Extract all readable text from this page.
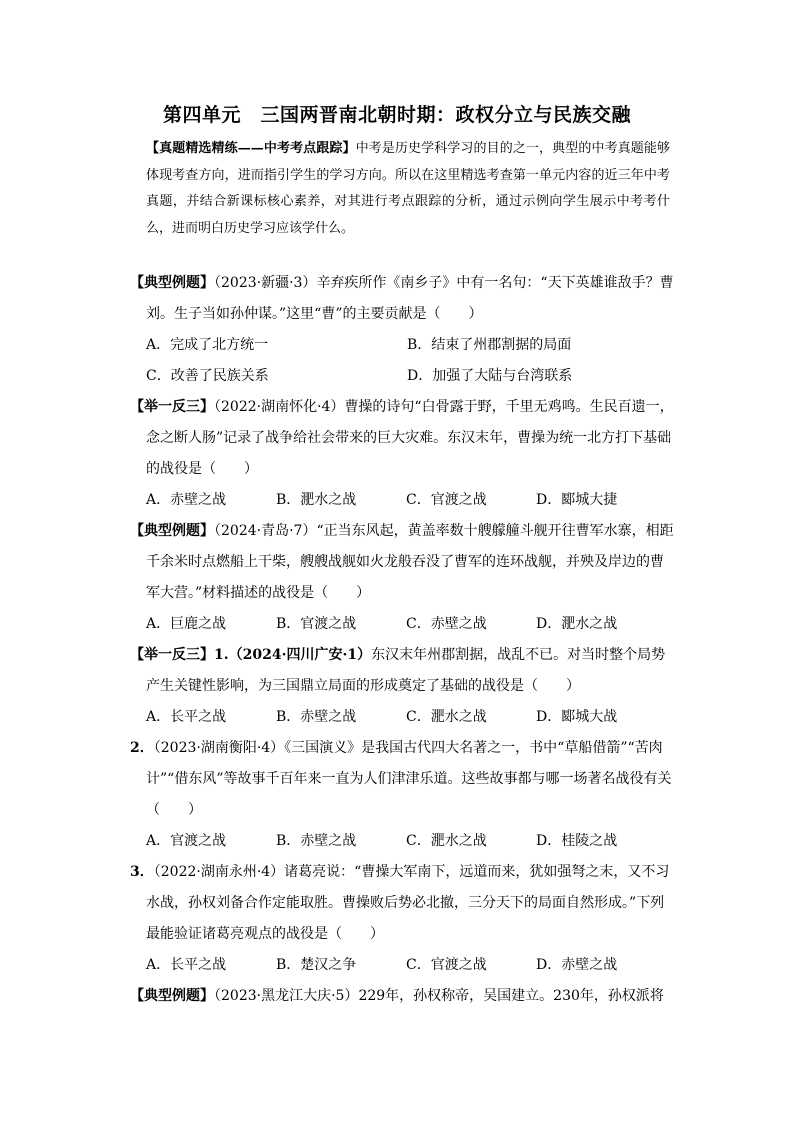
第四单元　三国两晋南北朝时期：政权分立与民族交融
【真题精选精练——中考考点跟踪】中考是历史学科学习的目的之一，典型的中考真题能够体现考查方向，进而指引学生的学习方向。所以在这里精选考查第一单元内容的近三年中考真题，并结合新课标核心素养，对其进行考点跟踪的分析，通过示例向学生展示中考考什么，进而明白历史学习应该学什么。
【典型例题】（2023·新疆·3）辛弃疾所作《南乡子》中有一名句：“天下英雄谁敌手？曹刘。生子当如孙仲谋。”这里“曹”的主要贡献是（　　）
A．完成了北方统一	B．结束了州郡割据的局面
C．改善了民族关系	D．加强了大陆与台湾联系
【举一反三】（2022·湖南怀化·4）曹操的诗句“白骨露于野，千里无鸡鸣。生民百遗一，念之断人肠”记录了战争给社会带来的巨大灾难。东汉末年，曹操为统一北方打下基础的战役是（　　）
A．赤壁之战	B．淝水之战	C．官渡之战	D．郾城大捷
【典型例题】（2024·青岛·7）“正当东风起，黄盖率数十艘艨艟斗舰开往曹军水寨，相距千余米时点燃船上干柴，艘艘战舰如火龙般吞没了曹军的连环战舰，并殃及岸边的曹军大营。”材料描述的战役是（　　）
A．巨鹿之战	B．官渡之战	C．赤壁之战	D．淝水之战
【举一反三】1.（2024·四川广安·1）东汉末年州郡割据，战乱不已。对当时整个局势产生关键性影响，为三国鼎立局面的形成奠定了基础的战役是（　　）
A．长平之战	B．赤壁之战	C．淝水之战	D．郾城大战
2．（2023·湖南衡阳·4）《三国演义》是我国古代四大名著之一，书中“草船借箭”“苦肉计”“借东风”等故事千百年来一直为人们津津乐道。这些故事都与哪一场著名战役有关（　　）
A．官渡之战	B．赤壁之战	C．淝水之战	D．桂陵之战
3．（2022·湖南永州·4）诸葛亮说：“曹操大军南下，远道而来，犹如强弩之末，又不习水战，孙权刘备合作定能取胜。曹操败后势必北撤，三分天下的局面自然形成。”下列最能验证诸葛亮观点的战役是（　　）
A．长平之战	B．楚汉之争	C．官渡之战	D．赤壁之战
【典型例题】（2023·黑龙江大庆·5）229年，孙权称帝，吴国建立。230年，孙权派将
